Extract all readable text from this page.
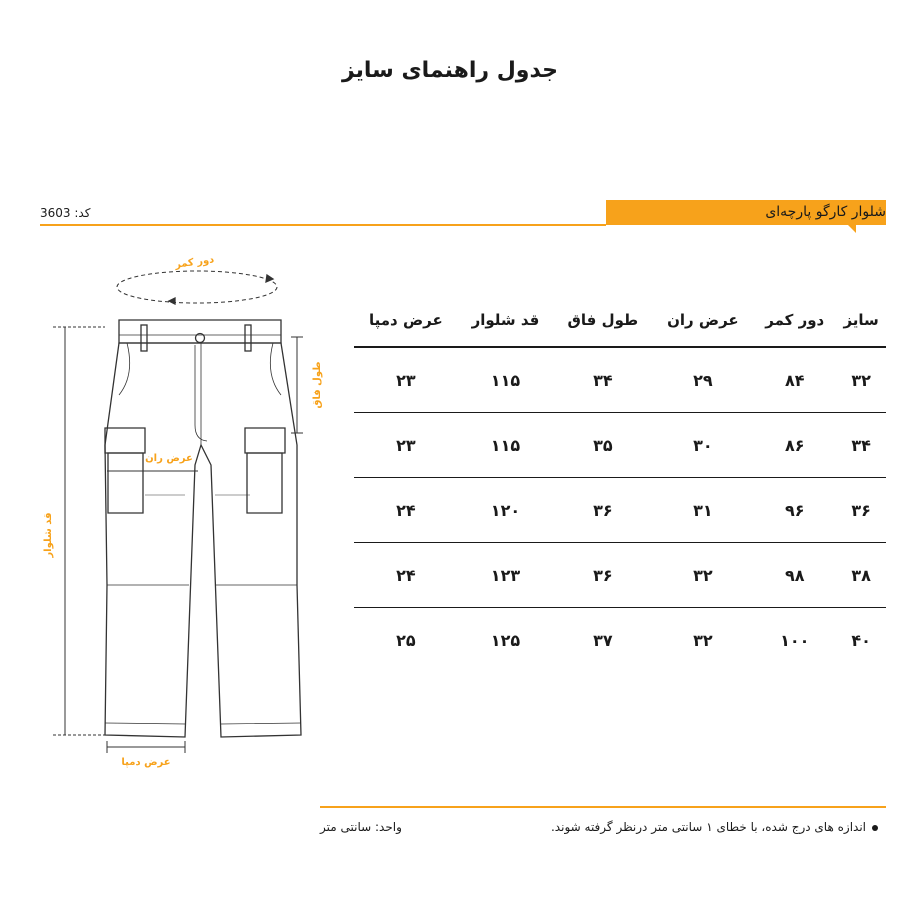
جدول راهنمای سایز
شلوار کارگو پارچه‌ای
کد: 3603
دور کمر
طول فاق
عرض ران
قد شلوار
عرض دمپا
سایز	دور کمر	عرض ران	طول فاق	قد شلوار	عرض دمپا
۳۲	۸۴	۲۹	۳۴	۱۱۵	۲۳
۳۴	۸۶	۳۰	۳۵	۱۱۵	۲۳
۳۶	۹۶	۳۱	۳۶	۱۲۰	۲۴
۳۸	۹۸	۳۲	۳۶	۱۲۳	۲۴
۴۰	۱۰۰	۳۲	۳۷	۱۲۵	۲۵
اندازه های درج شده، با خطای ۱ سانتی متر درنظر گرفته شوند.
واحد: سانتی متر
